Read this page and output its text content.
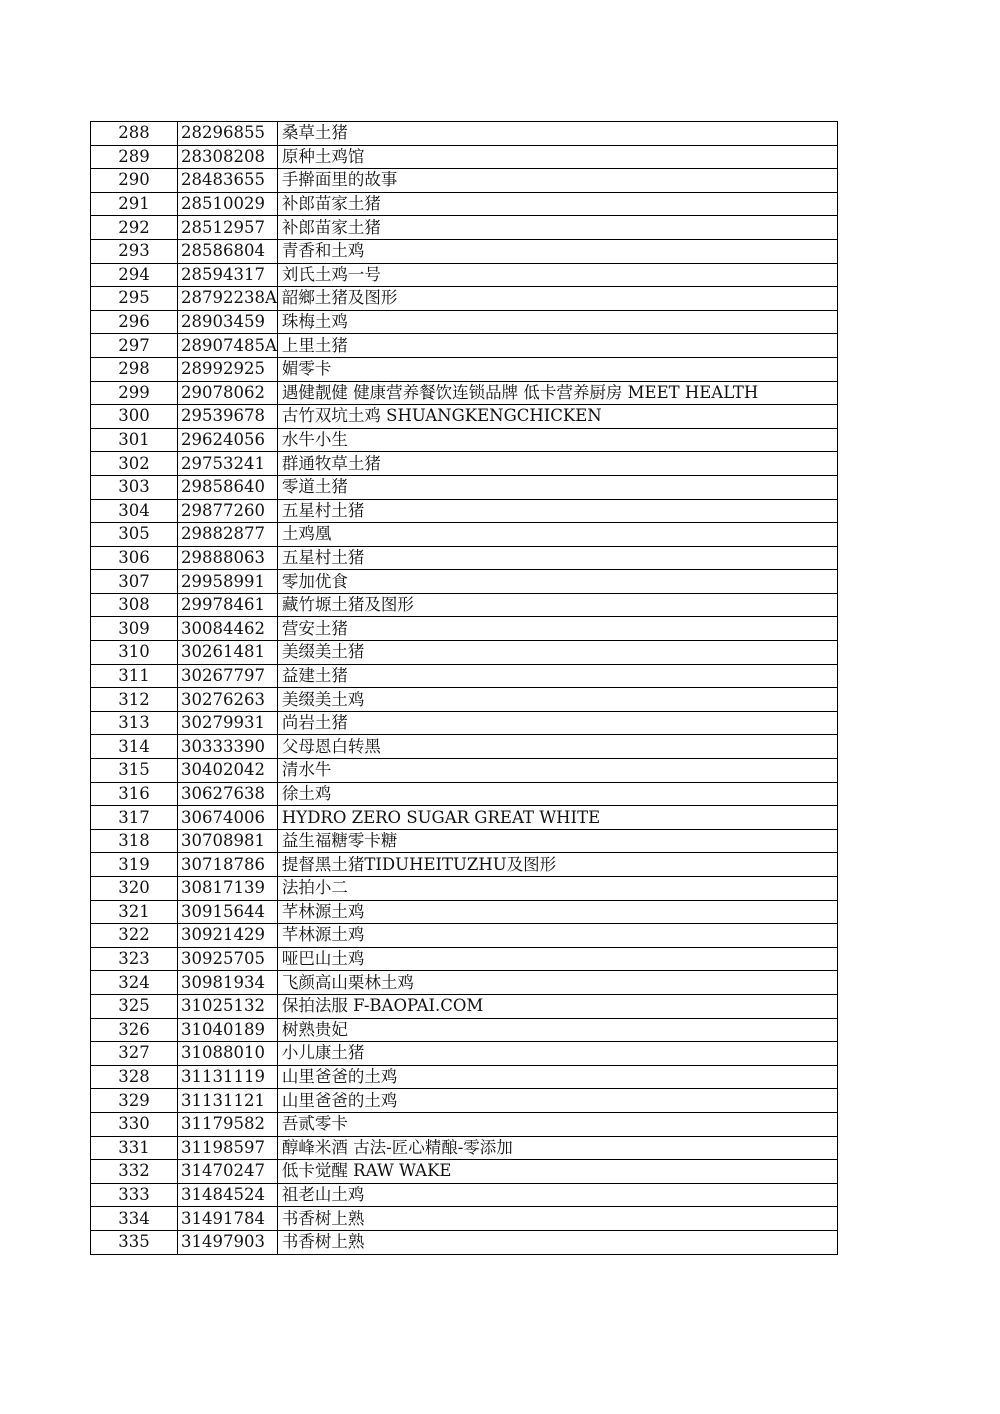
288	28296855	桑草土猪
289	28308208	原种土鸡馆
290	28483655	手擀面里的故事
291	28510029	补郎苗家土猪
292	28512957	补郎苗家土猪
293	28586804	青香和土鸡
294	28594317	刘氏土鸡一号
295	28792238A	韶鄉土猪及图形
296	28903459	珠梅土鸡
297	28907485A	上里土猪
298	28992925	媚零卡
299	29078062	遇健靓健 健康营养餐饮连锁品牌 低卡营养厨房 MEET HEALTH
300	29539678	古竹双坑土鸡 SHUANGKENGCHICKEN
301	29624056	水牛小生
302	29753241	群通牧草土猪
303	29858640	零道土猪
304	29877260	五星村土猪
305	29882877	土鸡凰
306	29888063	五星村土猪
307	29958991	零加优食
308	29978461	藏竹塬土猪及图形
309	30084462	营安土猪
310	30261481	美缀美土猪
311	30267797	益建土猪
312	30276263	美缀美土鸡
313	30279931	尚岩土猪
314	30333390	父母恩白转黑
315	30402042	清水牛
316	30627638	徐土鸡
317	30674006	HYDRO ZERO SUGAR GREAT WHITE
318	30708981	益生福糖零卡糖
319	30718786	提督黑土猪TIDUHEITUZHU及图形
320	30817139	法拍小二
321	30915644	芊林源土鸡
322	30921429	芊林源土鸡
323	30925705	哑巴山土鸡
324	30981934	飞颜高山栗林土鸡
325	31025132	保拍法服 F-BAOPAI.COM
326	31040189	树熟贵妃
327	31088010	小儿康土猪
328	31131119	山里爸爸的土鸡
329	31131121	山里爸爸的土鸡
330	31179582	吾贰零卡
331	31198597	醇峰米酒 古法-匠心精酿-零添加
332	31470247	低卡觉醒 RAW WAKE
333	31484524	祖老山土鸡
334	31491784	书香树上熟
335	31497903	书香树上熟
